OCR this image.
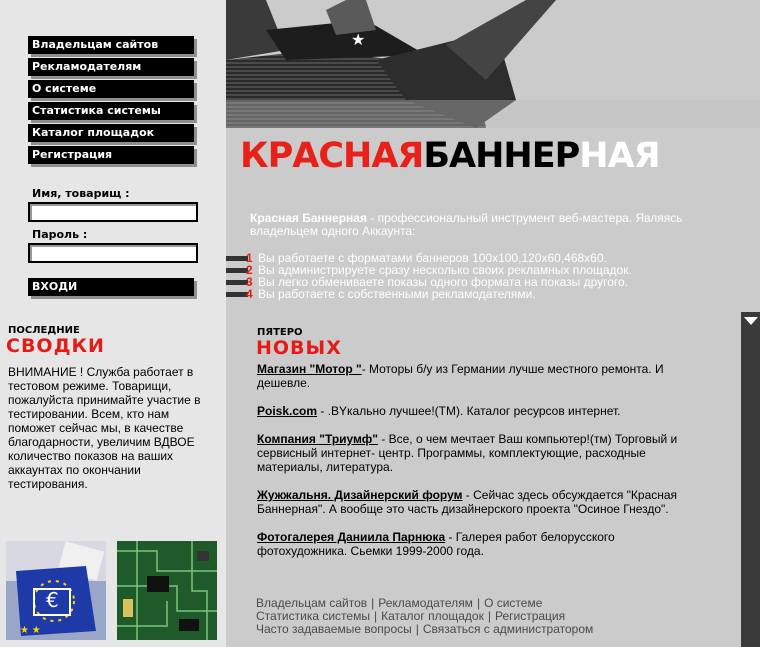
Владельцам сайтов
Рекламодателям
О системе
Статистика системы
Каталог площадок
Регистрация
Имя, товарищ :
Пароль :
ВХОДИ
ПОСЛЕДНИЕ
СВОДКИ
ВНИМАНИЕ ! Служба работает в тестовом режиме. Товарищи, пожалуйста принимайте участие в тестировании. Всем, кто нам поможет сейчас мы, в качестве благодарности, увеличим ВДВОЕ количество показов на ваших аккаунтах по окончании тестирования.
€
★ ★
★
КРАСНАЯБАННЕРНАЯ
Красная Баннерная - профессиональный инструмент веб-мастера. Являясь владельцем одного Аккаунта:
1 Вы работаете с форматами баннеров 100х100,120х60,468х60.
2 Вы администрируете сразу несколько своих рекламных площадок.
3 Вы легко обмениваете показы одного формата на показы другого.
4 Вы работаете с собственными рекламодателями.
ПЯТЕРО
НОВЫХ
Магазин "Мотор "- Моторы б/у из Германии лучше местного ремонта. И дешевле.
Poisk.com - .BYкально лучшее!(TM). Каталог ресурсов интернет.
Компания "Триумф" - Все, о чем мечтает Ваш компьютер!(тм) Торговый и сервисный интернет- центр. Программы, комплектующие, расходные материалы, литература.
Жужжальня. Дизайнерский форум - Сейчас здесь обсуждается "Красная Баннерная". А вообще это часть дизайнерского проекта "Осиное Гнездо".
Фотогалерея Даниила Парнюка - Галерея работ белорусского фотохудожника. Сьемки 1999-2000 года.
Владельцам сайтов | Рекламодателям | О системе
Статистика системы | Каталог площадок | Регистрация
Часто задаваемые вопросы | Связаться с администратором
